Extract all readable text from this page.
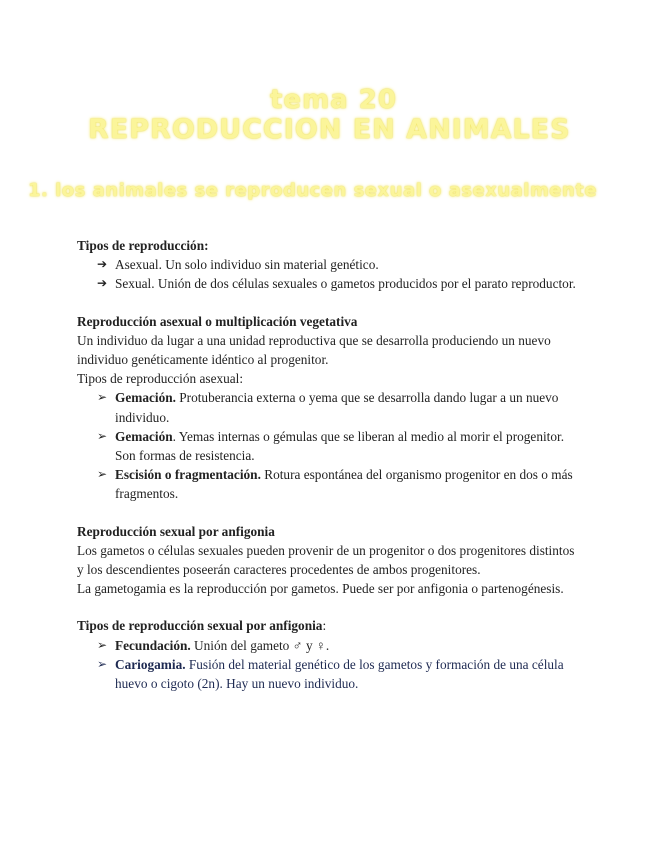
tema 20
REPRODUCCION EN ANIMALES
1. los animales se reproducen sexual o asexualmente

Tipos de reproducción:

➔ Asexual. Un solo individuo sin material genético.
➔ Sexual. Unión de dos células sexuales o gametos producidos por el parato reproductor.

Reproducción asexual o multiplicación vegetativa

Un individuo da lugar a una unidad reproductiva que se desarrolla produciendo un nuevo individuo genéticamente idéntico al progenitor.

Tipos de reproducción asexual:

➢ Gemación. Protuberancia externa o yema que se desarrolla dando lugar a un nuevo individuo.
➢ Gemación. Yemas internas o gémulas que se liberan al medio al morir el progenitor. Son formas de resistencia.
➢ Escisión o fragmentación. Rotura espontánea del organismo progenitor en dos o más fragmentos.

Reproducción sexual por anfigonia

Los gametos o células sexuales pueden provenir de un progenitor o dos progenitores distintos y los descendientes poseerán caracteres procedentes de ambos progenitores.

La gametogamia es la reproducción por gametos. Puede ser por anfigonia o partenogénesis.

Tipos de reproducción sexual por anfigonia:

➢ Fecundación. Unión del gameto ♂ y ♀.
➢ Cariogamia. Fusión del material genético de los gametos y formación de una célula huevo o cigoto (2n). Hay un nuevo individuo.
